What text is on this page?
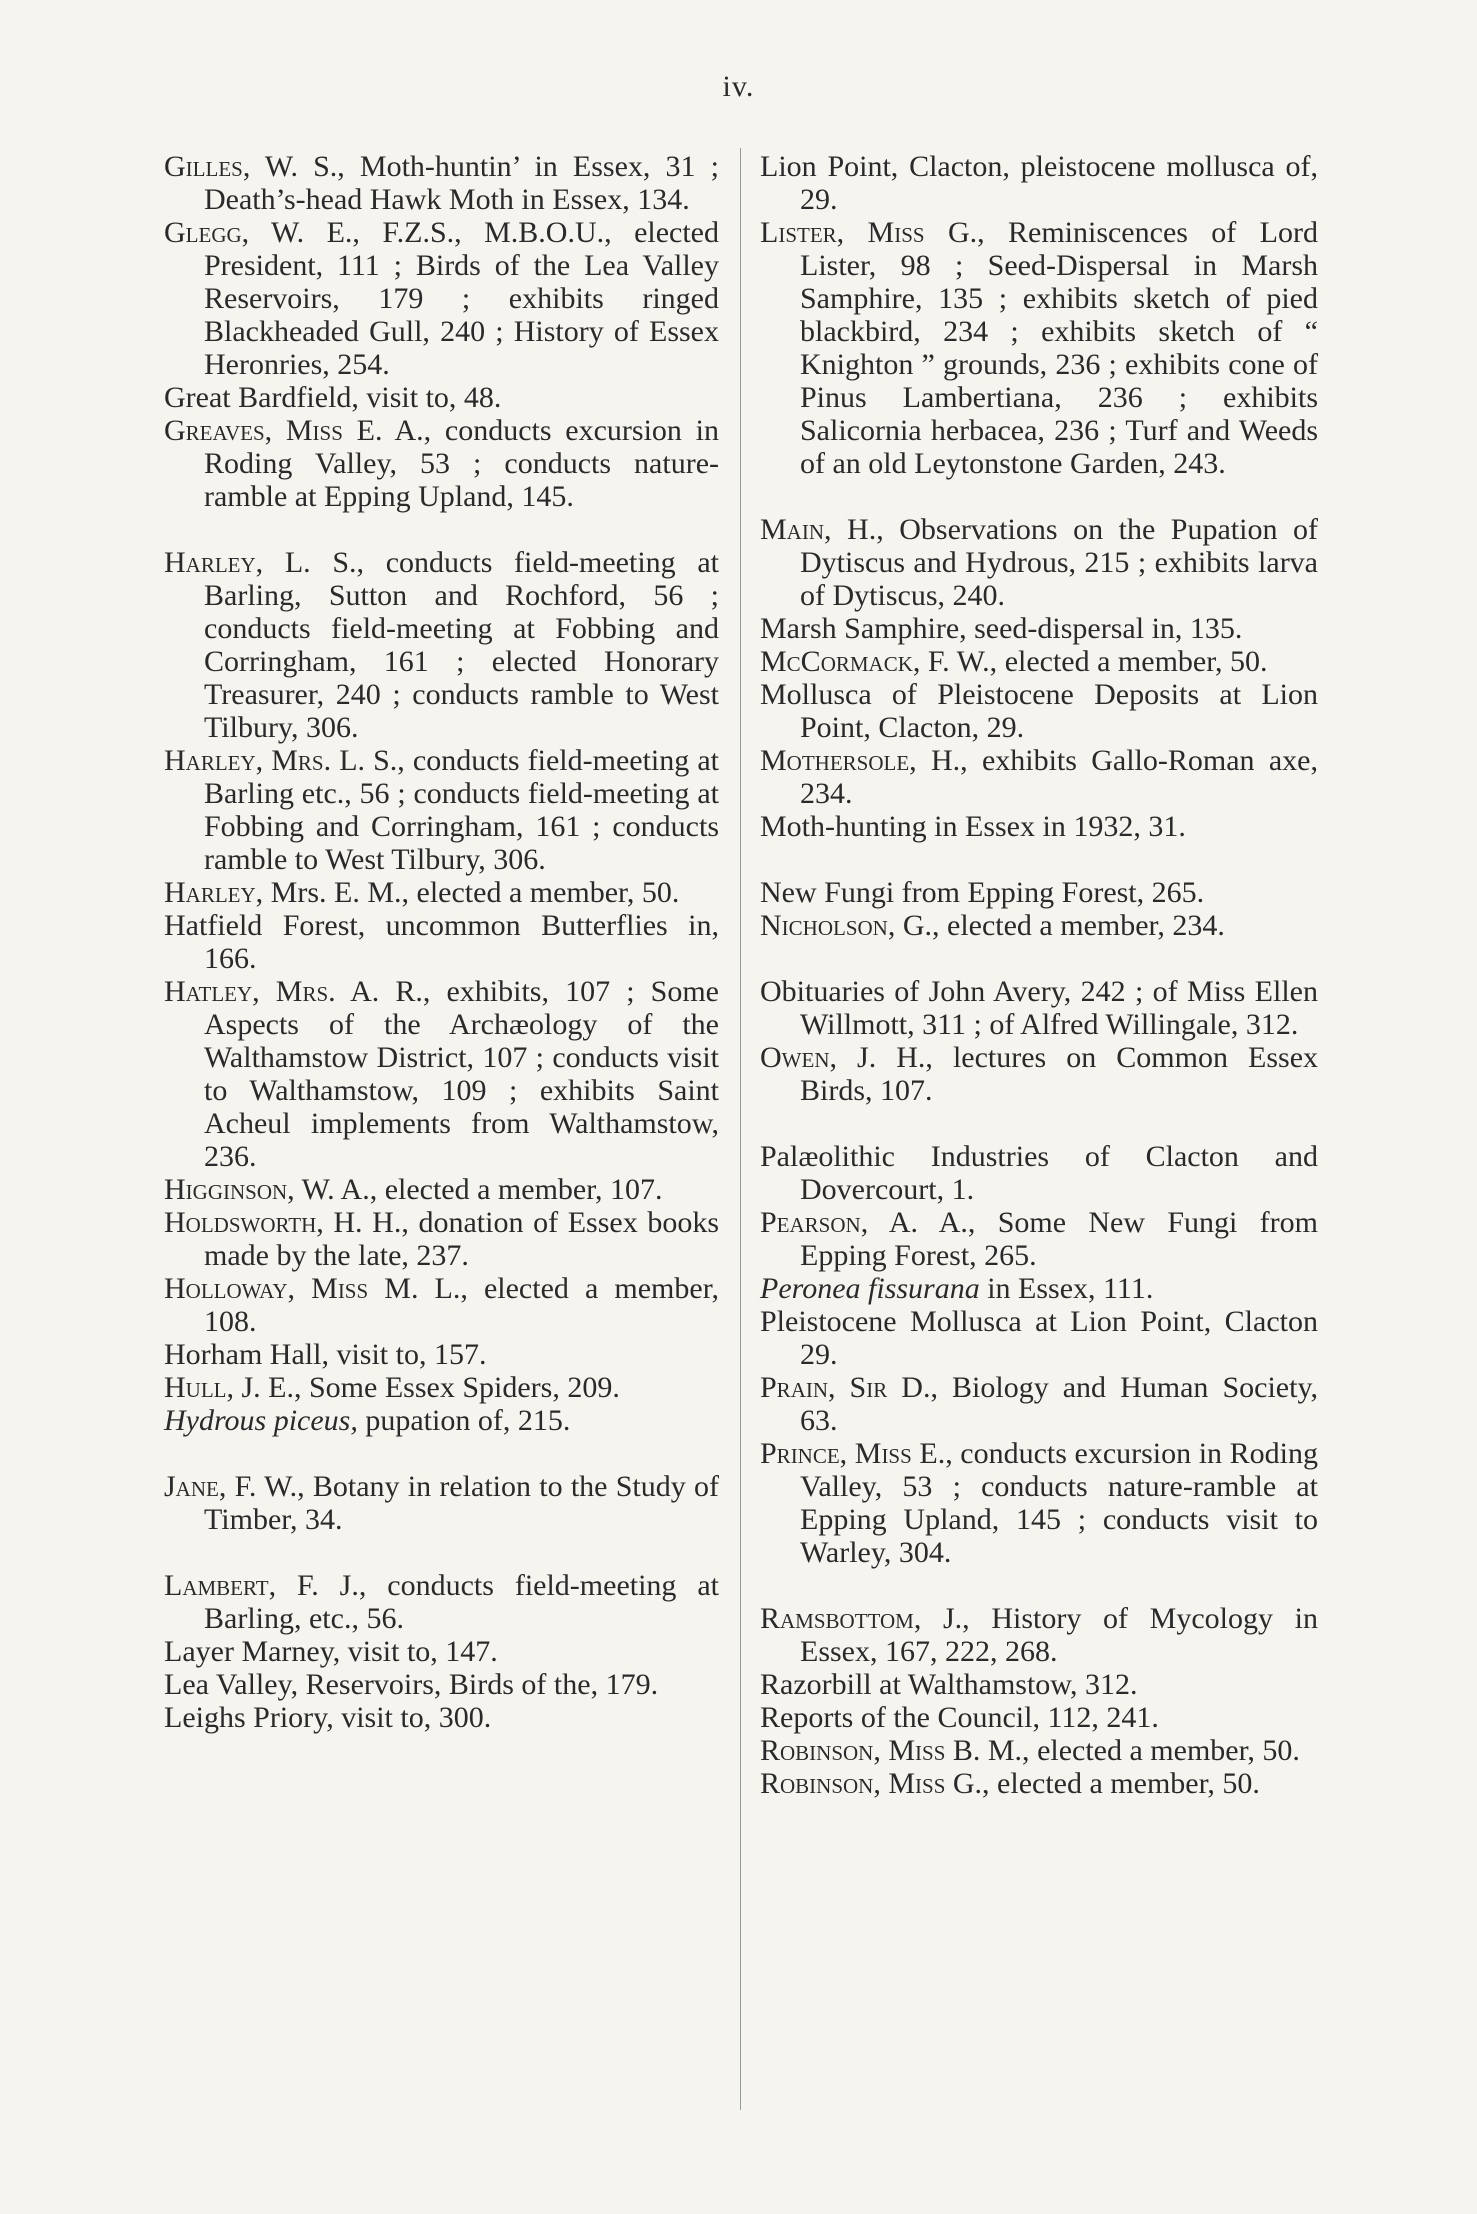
iv.

Gilles, W. S., Moth-huntin’ in Essex, 31 ; Death’s-head Hawk Moth in Essex, 134.

Glegg, W. E., F.Z.S., M.B.O.U., elected President, 111 ; Birds of the Lea Valley Reservoirs, 179 ; exhibits ringed Blackheaded Gull, 240 ; History of Essex Heronries, 254.

Great Bardfield, visit to, 48.

Greaves, Miss E. A., conducts excursion in Roding Valley, 53 ; conducts nature-ramble at Epping Upland, 145.

Harley, L. S., conducts field-meeting at Barling, Sutton and Rochford, 56 ; conducts field-meeting at Fobbing and Corringham, 161 ; elected Honorary Treasurer, 240 ; conducts ramble to West Tilbury, 306.

Harley, Mrs. L. S., conducts field-meeting at Barling etc., 56 ; conducts field-meeting at Fobbing and Corringham, 161 ; conducts ramble to West Tilbury, 306.

Harley, Mrs. E. M., elected a member, 50.

Hatfield Forest, uncommon Butterflies in, 166.

Hatley, Mrs. A. R., exhibits, 107 ; Some Aspects of the Archæology of the Walthamstow District, 107 ; conducts visit to Walthamstow, 109 ; exhibits Saint Acheul implements from Walthamstow, 236.

Higginson, W. A., elected a member, 107.

Holdsworth, H. H., donation of Essex books made by the late, 237.

Holloway, Miss M. L., elected a member, 108.

Horham Hall, visit to, 157.

Hull, J. E., Some Essex Spiders, 209.

Hydrous piceus, pupation of, 215.

Jane, F. W., Botany in relation to the Study of Timber, 34.

Lambert, F. J., conducts field-meeting at Barling, etc., 56.

Layer Marney, visit to, 147.

Lea Valley, Reservoirs, Birds of the, 179.

Leighs Priory, visit to, 300.

Lion Point, Clacton, pleistocene mollusca of, 29.

Lister, Miss G., Reminiscences of Lord Lister, 98 ; Seed-Dispersal in Marsh Samphire, 135 ; exhibits sketch of pied blackbird, 234 ; exhibits sketch of “ Knighton ” grounds, 236 ; exhibits cone of Pinus Lambertiana, 236 ; exhibits Salicornia herbacea, 236 ; Turf and Weeds of an old Leytonstone Garden, 243.

Main, H., Observations on the Pupation of Dytiscus and Hydrous, 215 ; exhibits larva of Dytiscus, 240.

Marsh Samphire, seed-dispersal in, 135.

McCormack, F. W., elected a member, 50.

Mollusca of Pleistocene Deposits at Lion Point, Clacton, 29.

Mothersole, H., exhibits Gallo-Roman axe, 234.

Moth-hunting in Essex in 1932, 31.

New Fungi from Epping Forest, 265.

Nicholson, G., elected a member, 234.

Obituaries of John Avery, 242 ; of Miss Ellen Willmott, 311 ; of Alfred Willingale, 312.

Owen, J. H., lectures on Common Essex Birds, 107.

Palæolithic Industries of Clacton and Dovercourt, 1.

Pearson, A. A., Some New Fungi from Epping Forest, 265.

Peronea fissurana in Essex, 111.

Pleistocene Mollusca at Lion Point, Clacton 29.

Prain, Sir D., Biology and Human Society, 63.

Prince, Miss E., conducts excursion in Roding Valley, 53 ; conducts nature-ramble at Epping Upland, 145 ; conducts visit to Warley, 304.

Ramsbottom, J., History of Mycology in Essex, 167, 222, 268.

Razorbill at Walthamstow, 312.

Reports of the Council, 112, 241.

Robinson, Miss B. M., elected a member, 50.

Robinson, Miss G., elected a member, 50.
